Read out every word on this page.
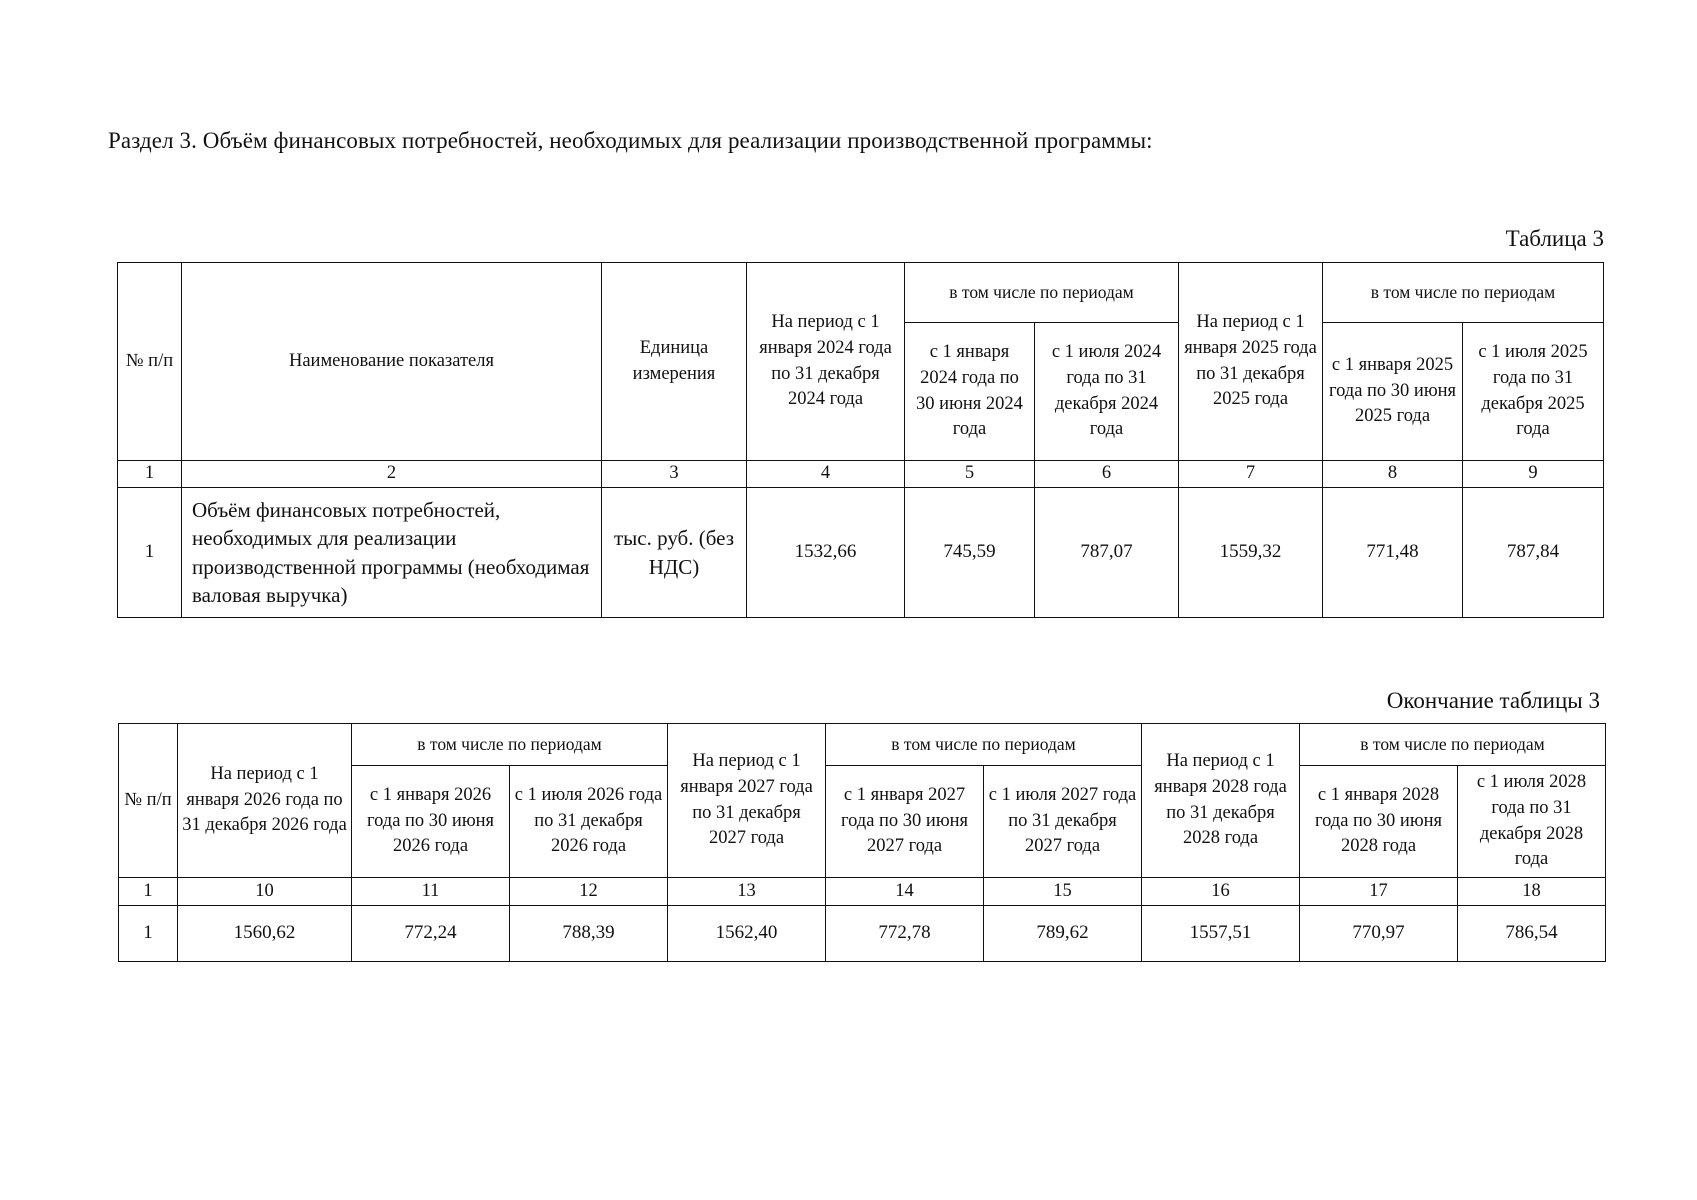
Раздел 3. Объём финансовых потребностей, необходимых для реализации производственной программы:
Таблица 3
№ п/п	Наименование показателя	Единица измерения	На период с 1 января 2024 года по 31 декабря 2024 года	в том числе по периодам		На период с 1 января 2025 года по 31 декабря 2025 года	в том числе по периодам	
				с 1 января 2024 года по 30 июня 2024 года	с 1 июля 2024 года по 31 декабря 2024 года		с 1 января 2025 года по 30 июня 2025 года	с 1 июля 2025 года по 31 декабря 2025 года
1	2	3	4	5	6	7	8	9
1	Объём финансовых потребностей, необходимых для реализации производственной программы (необходимая валовая выручка)	тыс. руб. (без НДС)	1532,66	745,59	787,07	1559,32	771,48	787,84
Окончание таблицы 3
№ п/п	На период с 1 января 2026 года по 31 декабря 2026 года	в том числе по периодам		На период с 1 января 2027 года по 31 декабря 2027 года	в том числе по периодам		На период с 1 января 2028 года по 31 декабря 2028 года	в том числе по периодам	
		с 1 января 2026 года по 30 июня 2026 года	с 1 июля 2026 года по 31 декабря 2026 года		с 1 января 2027 года по 30 июня 2027 года	с 1 июля 2027 года по 31 декабря 2027 года		с 1 января 2028 года по 30 июня 2028 года	с 1 июля 2028 года по 31 декабря 2028 года
1	10	11	12	13	14	15	16	17	18
1	1560,62	772,24	788,39	1562,40	772,78	789,62	1557,51	770,97	786,54
